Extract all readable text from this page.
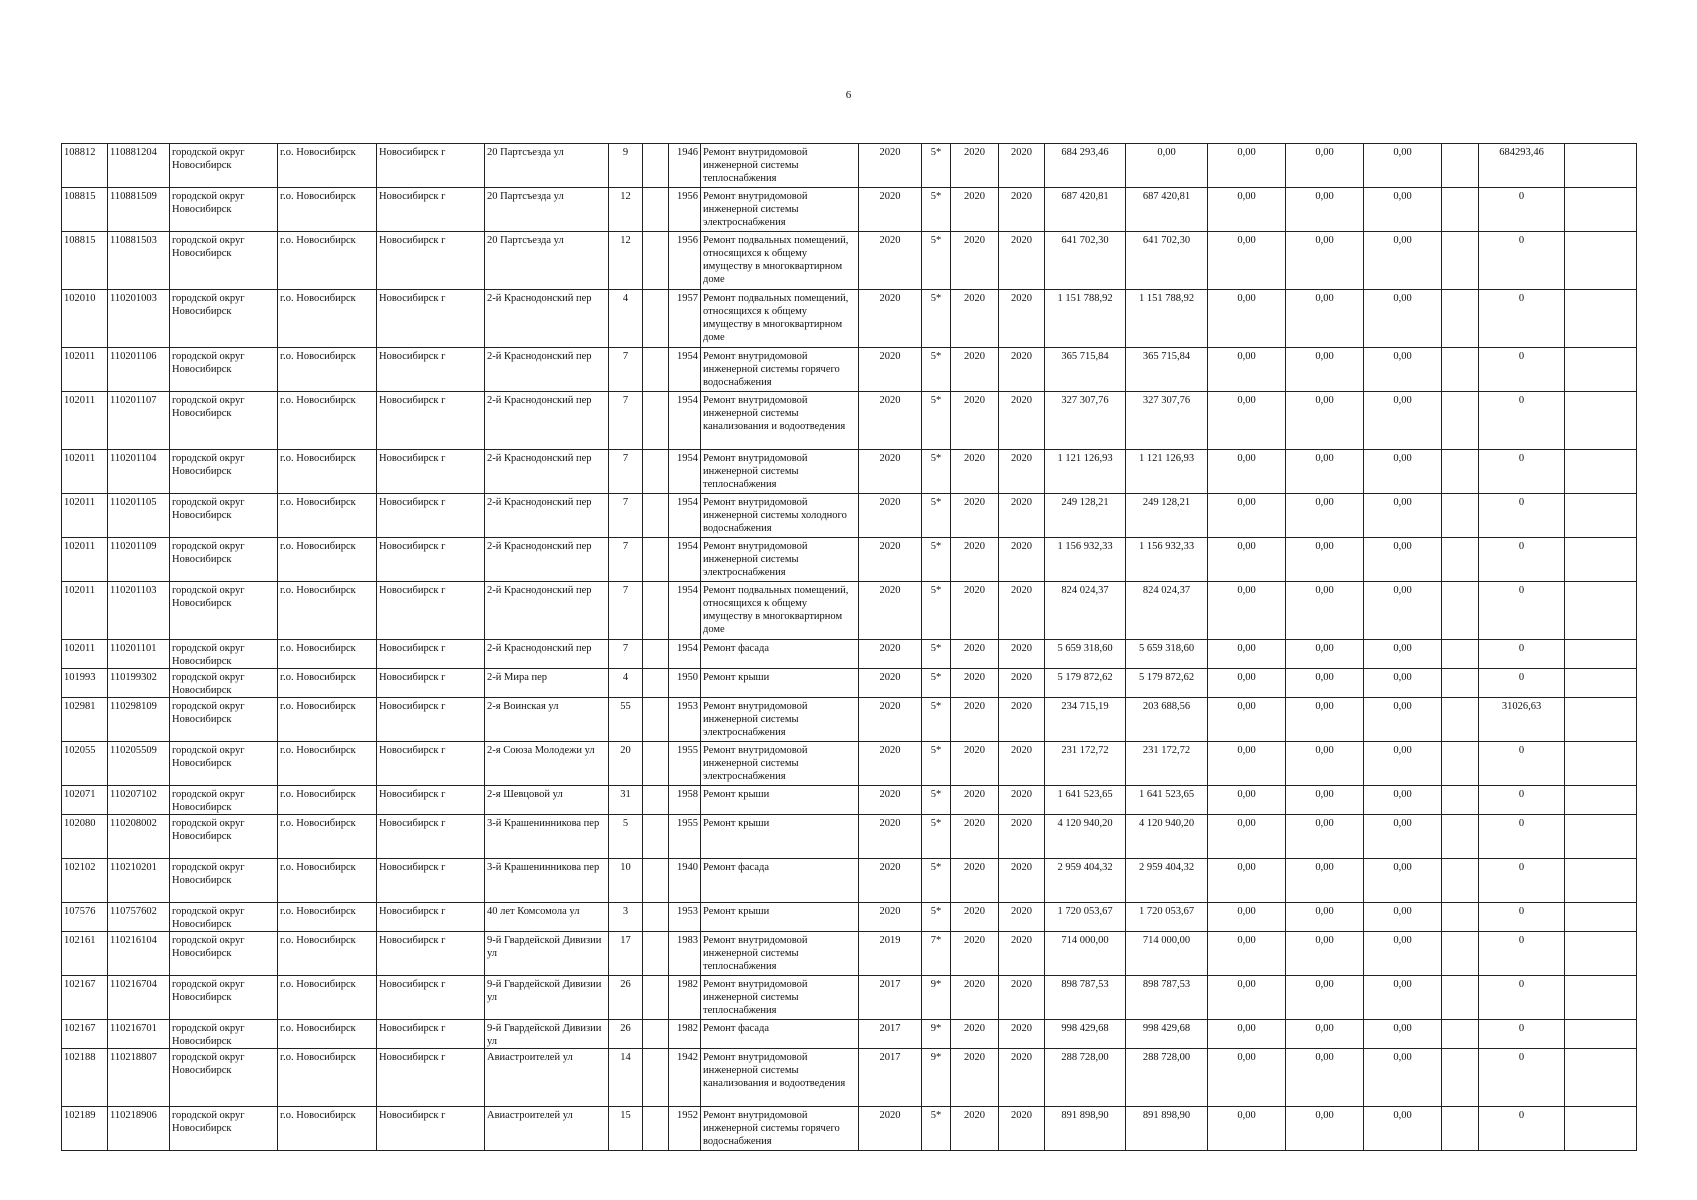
6
108812	110881204	городской округ Новосибирск	г.о. Новосибирск	Новосибирск г	20 Партсъезда ул	9		1946	Ремонт внутридомовой инженерной системы теплоснабжения	2020	5*	2020	2020	684 293,46	0,00	0,00	0,00	0,00		684293,46	
108815	110881509	городской округ Новосибирск	г.о. Новосибирск	Новосибирск г	20 Партсъезда ул	12		1956	Ремонт внутридомовой инженерной системы электроснабжения	2020	5*	2020	2020	687 420,81	687 420,81	0,00	0,00	0,00		0	
108815	110881503	городской округ Новосибирск	г.о. Новосибирск	Новосибирск г	20 Партсъезда ул	12		1956	Ремонт подвальных помещений, относящихся к общему имуществу в многоквартирном доме	2020	5*	2020	2020	641 702,30	641 702,30	0,00	0,00	0,00		0	
102010	110201003	городской округ Новосибирск	г.о. Новосибирск	Новосибирск г	2-й Краснодонский пер	4		1957	Ремонт подвальных помещений, относящихся к общему имуществу в многоквартирном доме	2020	5*	2020	2020	1 151 788,92	1 151 788,92	0,00	0,00	0,00		0	
102011	110201106	городской округ Новосибирск	г.о. Новосибирск	Новосибирск г	2-й Краснодонский пер	7		1954	Ремонт внутридомовой инженерной системы горячего водоснабжения	2020	5*	2020	2020	365 715,84	365 715,84	0,00	0,00	0,00		0	
102011	110201107	городской округ Новосибирск	г.о. Новосибирск	Новосибирск г	2-й Краснодонский пер	7		1954	Ремонт внутридомовой инженерной системы канализования и водоотведения	2020	5*	2020	2020	327 307,76	327 307,76	0,00	0,00	0,00		0	
102011	110201104	городской округ Новосибирск	г.о. Новосибирск	Новосибирск г	2-й Краснодонский пер	7		1954	Ремонт внутридомовой инженерной системы теплоснабжения	2020	5*	2020	2020	1 121 126,93	1 121 126,93	0,00	0,00	0,00		0	
102011	110201105	городской округ Новосибирск	г.о. Новосибирск	Новосибирск г	2-й Краснодонский пер	7		1954	Ремонт внутридомовой инженерной системы холодного водоснабжения	2020	5*	2020	2020	249 128,21	249 128,21	0,00	0,00	0,00		0	
102011	110201109	городской округ Новосибирск	г.о. Новосибирск	Новосибирск г	2-й Краснодонский пер	7		1954	Ремонт внутридомовой инженерной системы электроснабжения	2020	5*	2020	2020	1 156 932,33	1 156 932,33	0,00	0,00	0,00		0	
102011	110201103	городской округ Новосибирск	г.о. Новосибирск	Новосибирск г	2-й Краснодонский пер	7		1954	Ремонт подвальных помещений, относящихся к общему имуществу в многоквартирном доме	2020	5*	2020	2020	824 024,37	824 024,37	0,00	0,00	0,00		0	
102011	110201101	городской округ Новосибирск	г.о. Новосибирск	Новосибирск г	2-й Краснодонский пер	7		1954	Ремонт фасада	2020	5*	2020	2020	5 659 318,60	5 659 318,60	0,00	0,00	0,00		0	
101993	110199302	городской округ Новосибирск	г.о. Новосибирск	Новосибирск г	2-й Мира пер	4		1950	Ремонт крыши	2020	5*	2020	2020	5 179 872,62	5 179 872,62	0,00	0,00	0,00		0	
102981	110298109	городской округ Новосибирск	г.о. Новосибирск	Новосибирск г	2-я Воинская ул	55		1953	Ремонт внутридомовой инженерной системы электроснабжения	2020	5*	2020	2020	234 715,19	203 688,56	0,00	0,00	0,00		31026,63	
102055	110205509	городской округ Новосибирск	г.о. Новосибирск	Новосибирск г	2-я Союза Молодежи ул	20		1955	Ремонт внутридомовой инженерной системы электроснабжения	2020	5*	2020	2020	231 172,72	231 172,72	0,00	0,00	0,00		0	
102071	110207102	городской округ Новосибирск	г.о. Новосибирск	Новосибирск г	2-я Шевцовой ул	31		1958	Ремонт крыши	2020	5*	2020	2020	1 641 523,65	1 641 523,65	0,00	0,00	0,00		0	
102080	110208002	городской округ Новосибирск	г.о. Новосибирск	Новосибирск г	3-й Крашенинникова пер	5		1955	Ремонт крыши	2020	5*	2020	2020	4 120 940,20	4 120 940,20	0,00	0,00	0,00		0	
102102	110210201	городской округ Новосибирск	г.о. Новосибирск	Новосибирск г	3-й Крашенинникова пер	10		1940	Ремонт фасада	2020	5*	2020	2020	2 959 404,32	2 959 404,32	0,00	0,00	0,00		0	
107576	110757602	городской округ Новосибирск	г.о. Новосибирск	Новосибирск г	40 лет Комсомола ул	3		1953	Ремонт крыши	2020	5*	2020	2020	1 720 053,67	1 720 053,67	0,00	0,00	0,00		0	
102161	110216104	городской округ Новосибирск	г.о. Новосибирск	Новосибирск г	9-й Гвардейской Дивизии ул	17		1983	Ремонт внутридомовой инженерной системы теплоснабжения	2019	7*	2020	2020	714 000,00	714 000,00	0,00	0,00	0,00		0	
102167	110216704	городской округ Новосибирск	г.о. Новосибирск	Новосибирск г	9-й Гвардейской Дивизии ул	26		1982	Ремонт внутридомовой инженерной системы теплоснабжения	2017	9*	2020	2020	898 787,53	898 787,53	0,00	0,00	0,00		0	
102167	110216701	городской округ Новосибирск	г.о. Новосибирск	Новосибирск г	9-й Гвардейской Дивизии ул	26		1982	Ремонт фасада	2017	9*	2020	2020	998 429,68	998 429,68	0,00	0,00	0,00		0	
102188	110218807	городской округ Новосибирск	г.о. Новосибирск	Новосибирск г	Авиастроителей ул	14		1942	Ремонт внутридомовой инженерной системы канализования и водоотведения	2017	9*	2020	2020	288 728,00	288 728,00	0,00	0,00	0,00		0	
102189	110218906	городской округ Новосибирск	г.о. Новосибирск	Новосибирск г	Авиастроителей ул	15		1952	Ремонт внутридомовой инженерной системы горячего водоснабжения	2020	5*	2020	2020	891 898,90	891 898,90	0,00	0,00	0,00		0	
